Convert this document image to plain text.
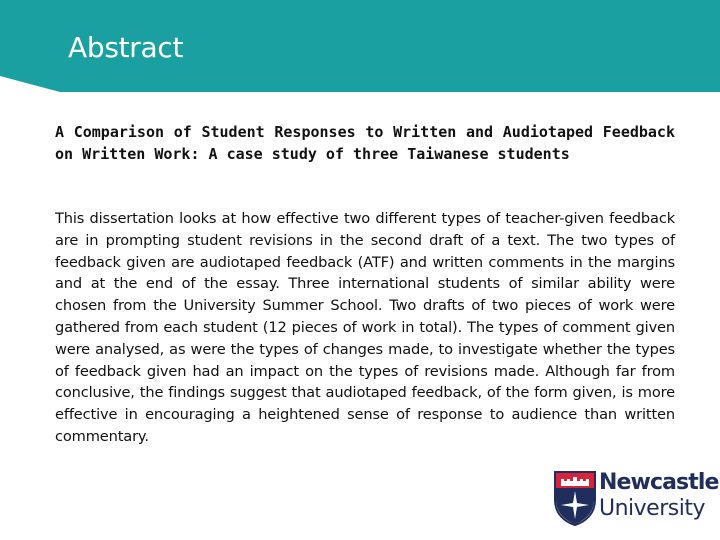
Abstract

A Comparison of Student Responses to Written and Audiotaped Feedback on Written Work: A case study of three Taiwanese students

This dissertation looks at how effective two different types of teacher-given feedback are in prompting student revisions in the second draft of a text. The two types of feedback given are audiotaped feedback (ATF) and written comments in the margins and at the end of the essay. Three international students of similar ability were chosen from the University Summer School. Two drafts of two pieces of work were gathered from each student (12 pieces of work in total). The types of comment given were analysed, as were the types of changes made, to investigate whether the types of feedback given had an impact on the types of revisions made. Although far from conclusive, the findings suggest that audiotaped feedback, of the form given, is more effective in encouraging a heightened sense of response to audience than written commentary.

Newcastle
University
